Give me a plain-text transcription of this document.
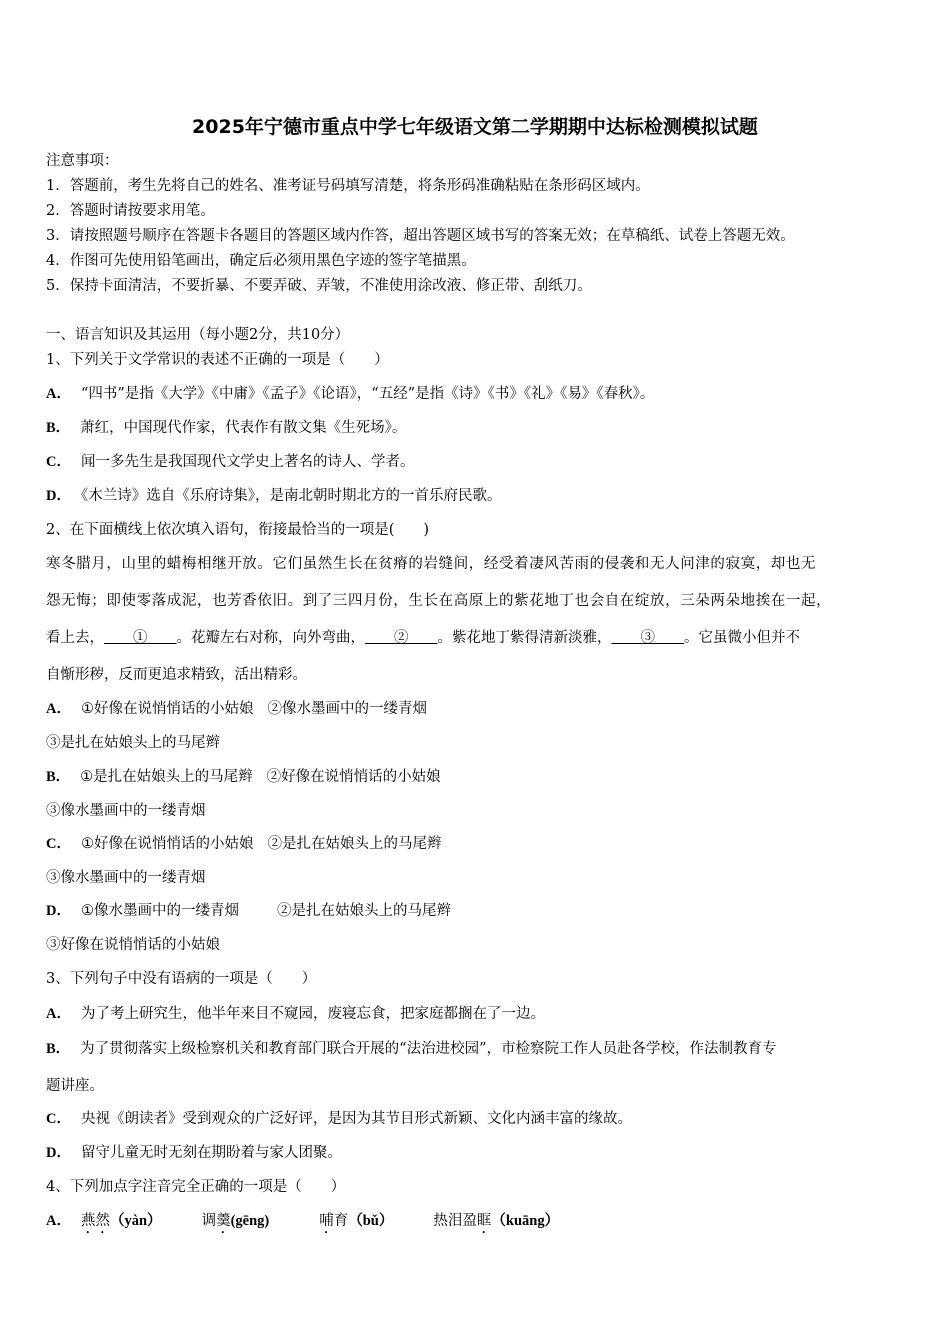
2025年宁德市重点中学七年级语文第二学期期中达标检测模拟试题
注意事项：
1．答题前，考生先将自己的姓名、准考证号码填写清楚，将条形码准确粘贴在条形码区域内。
2．答题时请按要求用笔。
3．请按照题号顺序在答题卡各题目的答题区域内作答，超出答题区域书写的答案无效；在草稿纸、试卷上答题无效。
4．作图可先使用铅笔画出，确定后必须用黑色字迹的签字笔描黑。
5．保持卡面清洁，不要折暴、不要弄破、弄皱，不准使用涂改液、修正带、刮纸刀。
一、语言知识及其运用（每小题2分，共10分）
1、下列关于文学常识的表述不正确的一项是（　　）
A． “四书”是指《大学》《中庸》《孟子》《论语》，“五经”是指《诗》《书》《礼》《易》《春秋》。
B． 萧红，中国现代作家，代表作有散文集《生死场》。
C． 闻一多先生是我国现代文学史上著名的诗人、学者。
D． 《木兰诗》选自《乐府诗集》，是南北朝时期北方的一首乐府民歌。
2、在下面横线上依次填入语句，衔接最恰当的一项是(　　)
寒冬腊月，山里的蜡梅相继开放。它们虽然生长在贫瘠的岩缝间，经受着凄风苦雨的侵袭和无人问津的寂寞，却也无
怨无悔；即使零落成泥，也芳香依旧。到了三四月份，生长在高原上的紫花地丁也会自在绽放，三朵两朵地挨在一起，
看上去，＿＿①＿＿。花瓣左右对称，向外弯曲，＿＿②＿＿。紫花地丁紫得清新淡雅，＿＿③＿＿。它虽微小但并不
自惭形秽，反而更追求精致，活出精彩。
A． ①好像在说悄悄话的小姑娘 ②像水墨画中的一缕青烟
③是扎在姑娘头上的马尾辫
B． ①是扎在姑娘头上的马尾辫 ②好像在说悄悄话的小姑娘
③像水墨画中的一缕青烟
C． ①好像在说悄悄话的小姑娘 ②是扎在姑娘头上的马尾辫
③像水墨画中的一缕青烟
D． ①像水墨画中的一缕青烟	②是扎在姑娘头上的马尾辫
③好像在说悄悄话的小姑娘
3、下列句子中没有语病的一项是（　　）
A． 为了考上研究生，他半年来目不窥园，废寝忘食，把家庭都搁在了一边。
B． 为了贯彻落实上级检察机关和教育部门联合开展的“法治进校园”，市检察院工作人员赴各学校，作法制教育专
题讲座。
C． 央视《朗读者》受到观众的广泛好评，是因为其节目形式新颖、文化内涵丰富的缘故。
D． 留守儿童无时无刻在期盼着与家人团聚。
4、下列加点字注音完全正确的一项是（　　）
A． 燕然（yàn）	调羹(gēng)	哺育（bǔ）	热泪盈眶（kuāng）
